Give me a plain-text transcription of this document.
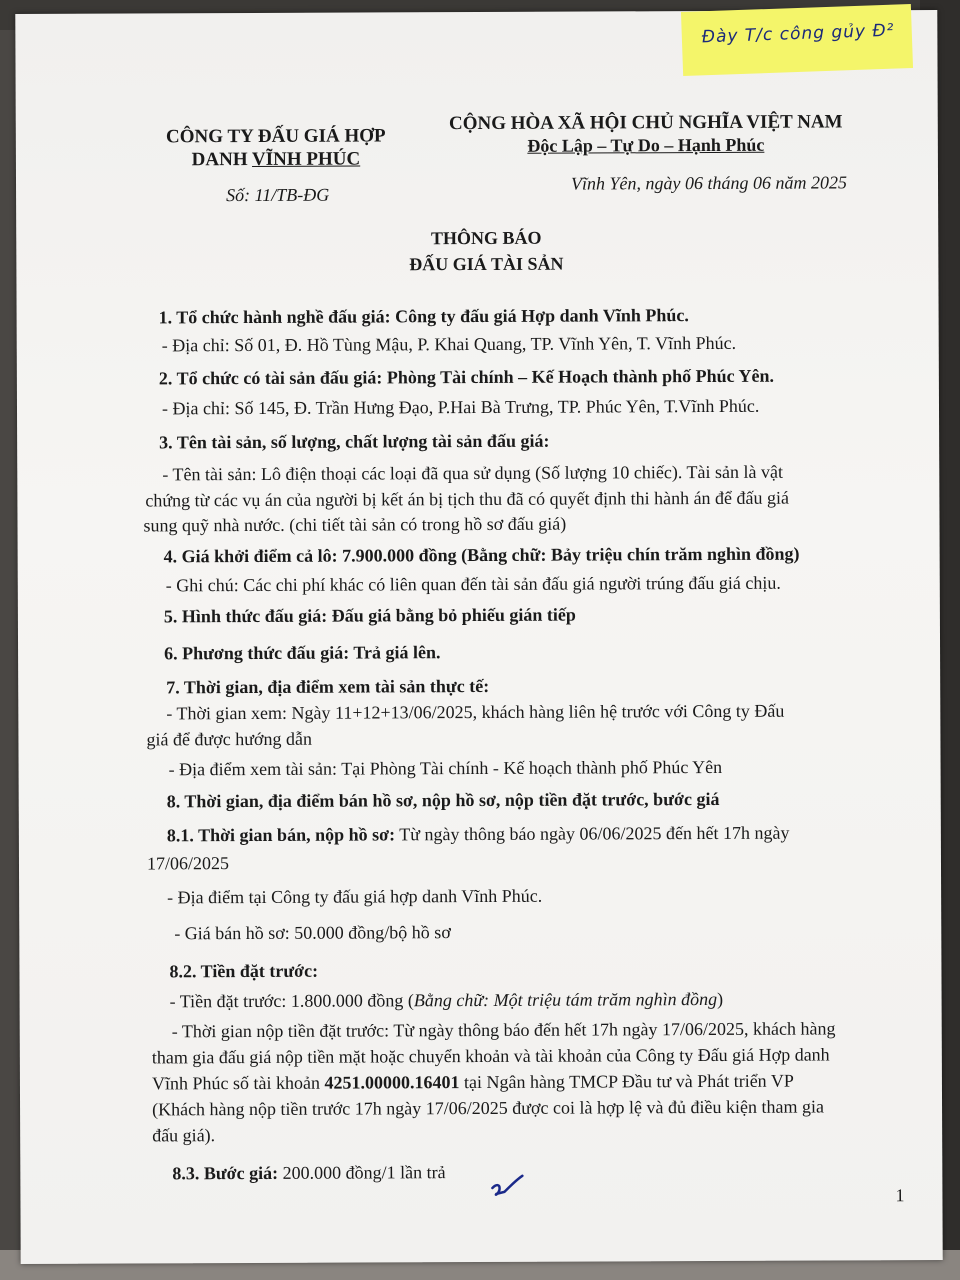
CÔNG TY ĐẤU GIÁ HỢP
DANH VĨNH PHÚC
CỘNG HÒA XÃ HỘI CHỦ NGHĨA VIỆT NAM
Độc Lập – Tự Do – Hạnh Phúc
Số: 11/TB-ĐG
Vĩnh Yên, ngày 06 tháng 06 năm 2025
THÔNG BÁO
ĐẤU GIÁ TÀI SẢN
1. Tổ chức hành nghề đấu giá: Công ty đấu giá Hợp danh Vĩnh Phúc.
- Địa chỉ: Số 01, Đ. Hồ Tùng Mậu, P. Khai Quang, TP. Vĩnh Yên, T. Vĩnh Phúc.
2. Tổ chức có tài sản đấu giá: Phòng Tài chính – Kế Hoạch thành phố Phúc Yên.
- Địa chỉ: Số 145, Đ. Trần Hưng Đạo, P.Hai Bà Trưng, TP. Phúc Yên, T.Vĩnh Phúc.
3. Tên tài sản, số lượng, chất lượng tài sản đấu giá:
- Tên tài sản: Lô điện thoại các loại đã qua sử dụng (Số lượng 10 chiếc). Tài sản là vật
chứng từ các vụ án của người bị kết án bị tịch thu đã có quyết định thi hành án để đấu giá
sung quỹ nhà nước. (chi tiết tài sản có trong hồ sơ đấu giá)
4. Giá khởi điểm cả lô: 7.900.000 đồng (Bằng chữ: Bảy triệu chín trăm nghìn đồng)
- Ghi chú: Các chi phí khác có liên quan đến tài sản đấu giá người trúng đấu giá chịu.
5. Hình thức đấu giá: Đấu giá bằng bỏ phiếu gián tiếp
6. Phương thức đấu giá: Trả giá lên.
7. Thời gian, địa điểm xem tài sản thực tế:
- Thời gian xem: Ngày 11+12+13/06/2025, khách hàng liên hệ trước với Công ty Đấu
giá để được hướng dẫn
- Địa điểm xem tài sản: Tại Phòng Tài chính - Kế hoạch thành phố Phúc Yên
8. Thời gian, địa điểm bán hồ sơ, nộp hồ sơ, nộp tiền đặt trước, bước giá
8.1. Thời gian bán, nộp hồ sơ: Từ ngày thông báo ngày 06/06/2025 đến hết 17h ngày
17/06/2025
- Địa điểm tại Công ty đấu giá hợp danh Vĩnh Phúc.
- Giá bán hồ sơ: 50.000 đồng/bộ hồ sơ
8.2. Tiền đặt trước:
- Tiền đặt trước: 1.800.000 đồng (Bằng chữ: Một triệu tám trăm nghìn đồng)
- Thời gian nộp tiền đặt trước: Từ ngày thông báo đến hết 17h ngày 17/06/2025, khách hàng
tham gia đấu giá nộp tiền mặt hoặc chuyển khoản và tài khoản của Công ty Đấu giá Hợp danh
Vĩnh Phúc số tài khoản 4251.00000.16401 tại Ngân hàng TMCP Đầu tư và Phát triển VP
(Khách hàng nộp tiền trước 17h ngày 17/06/2025 được coi là hợp lệ và đủ điều kiện tham gia
đấu giá).
8.3. Bước giá: 200.000 đồng/1 lần trả
1
Đày T/c công gủy Đ²
